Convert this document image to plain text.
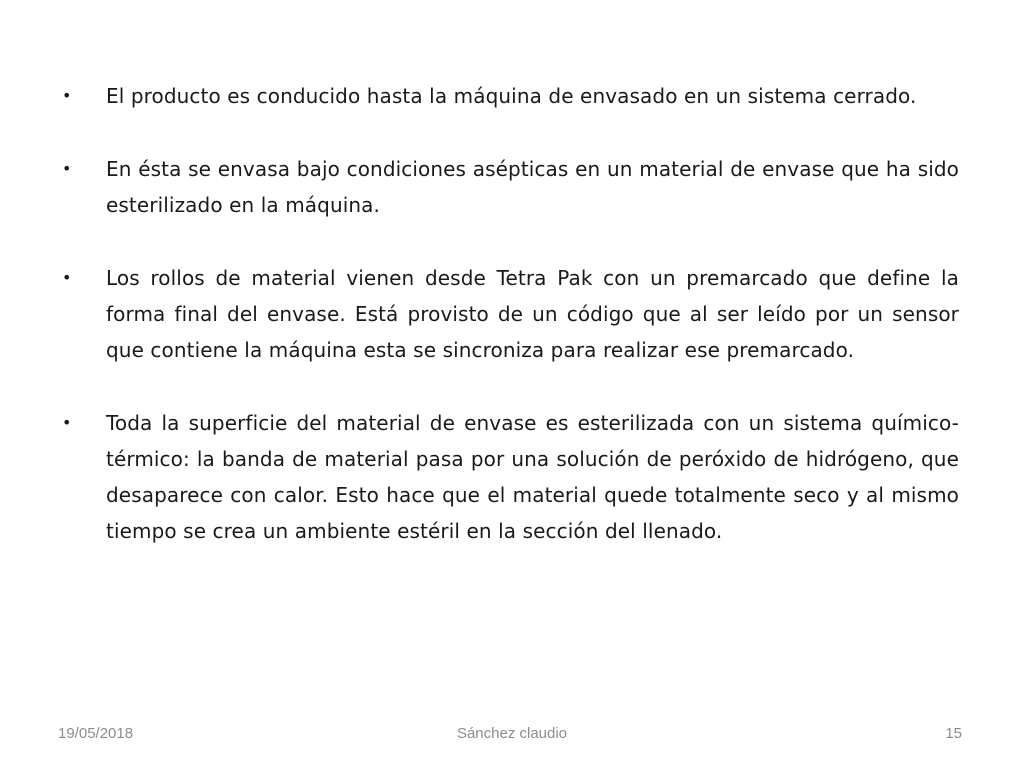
•	El producto es conducido hasta la máquina de envasado en un sistema cerrado.
•	En ésta se envasa bajo condiciones asépticas en un material de envase que ha sido esterilizado en la máquina.
•	Los rollos de material vienen desde Tetra Pak con un premarcado que define la forma final del envase. Está provisto de un código que al ser leído por un sensor que contiene la máquina esta se sincroniza para realizar ese premarcado.
•	Toda la superficie del material de envase es esterilizada con un sistema químico-térmico: la banda de material pasa por una solución de peróxido de hidrógeno, que desaparece con calor. Esto hace que el material quede totalmente seco y al mismo tiempo se crea un ambiente estéril en la sección del llenado.
19/05/2018	Sánchez claudio	15
